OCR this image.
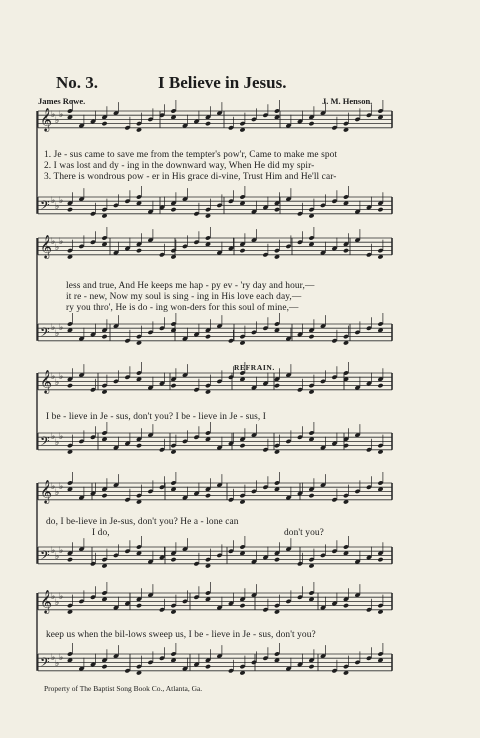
𝄞 ♭
♭
♭
𝄢 ♭
♭
♭
𝄞 ♭
♭
♭
𝄢 ♭
♭
♭
𝄞 ♭
♭
♭
𝄢 ♭
♭
♭
𝄞 ♭
♭
♭
𝄢 ♭
♭
♭
𝄞 ♭
♭
♭
𝄢 ♭
♭
♭
No. 3.	I Believe in Jesus.
James Rowe.	J. M. Henson.
1. Je - sus came to save me from the tempter's pow'r, Came to make me spot
2. I was lost and dy - ing in the downward way, When He did my spir-
3. There is wondrous pow - er in His grace di-vine, Trust Him and He'll car-
less and true, And He keeps me hap - py ev - 'ry day and hour,—
it re - new, Now my soul is sing - ing in His love each day,—
ry you thro', He is do - ing won-ders for this soul of mine,—
REFRAIN.
I be - lieve in Je - sus, don't you? I be - lieve in Je - sus, I
do, I be-lieve in Je-sus, don't you? He a - lone can
I do,	don't you?
keep us when the bil-lows sweep us, I be - lieve in Je - sus, don't you?
Property of The Baptist Song Book Co., Atlanta, Ga.
